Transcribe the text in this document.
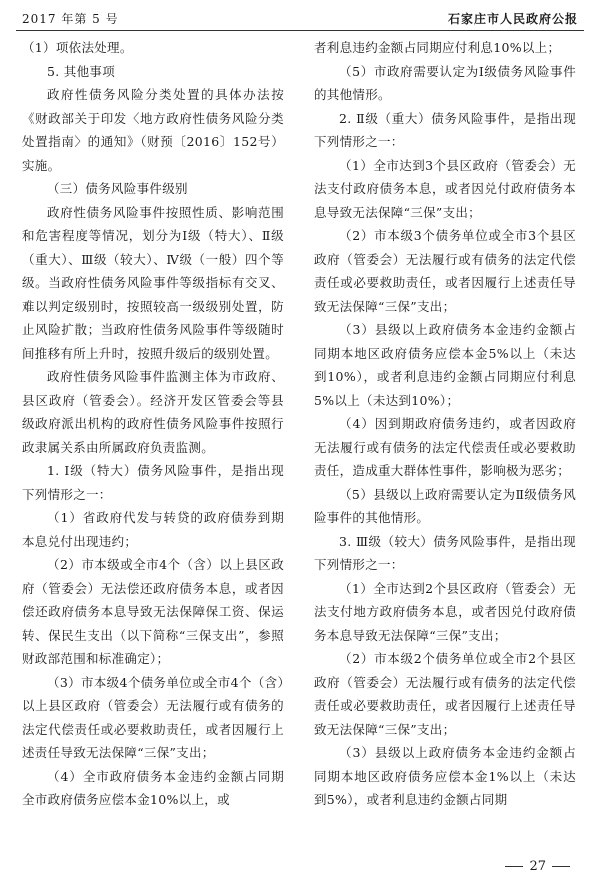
2017 年第 5 号	石家庄市人民政府公报

（1）项依法处理。

5. 其他事项

政府性债务风险分类处置的具体办法按《财政部关于印发〈地方政府性债务风险分类处置指南〉的通知》（财预〔2016〕152号）实施。

（三）债务风险事件级别

政府性债务风险事件按照性质、影响范围和危害程度等情况，划分为Ⅰ级（特大）、Ⅱ级（重大）、Ⅲ级（较大）、Ⅳ级（一般）四个等级。当政府性债务风险事件等级指标有交叉、难以判定级别时，按照较高一级级别处置，防止风险扩散；当政府性债务风险事件等级随时间推移有所上升时，按照升级后的级别处置。

政府性债务风险事件监测主体为市政府、县区政府（管委会）。经济开发区管委会等县级政府派出机构的政府性债务风险事件按照行政隶属关系由所属政府负责监测。

1. Ⅰ级（特大）债务风险事件，是指出现下列情形之一：

（1）省政府代发与转贷的政府债券到期本息兑付出现违约；

（2）市本级或全市4个（含）以上县区政府（管委会）无法偿还政府债务本息，或者因偿还政府债务本息导致无法保障保工资、保运转、保民生支出（以下简称“三保支出”，参照财政部范围和标准确定）；

（3）市本级4个债务单位或全市4个（含）以上县区政府（管委会）无法履行或有债务的法定代偿责任或必要救助责任，或者因履行上述责任导致无法保障“三保”支出；

（4）全市政府债务本金违约金额占同期全市政府债务应偿本金10%以上，或

者利息违约金额占同期应付利息10%以上；

（5）市政府需要认定为Ⅰ级债务风险事件的其他情形。

2. Ⅱ级（重大）债务风险事件，是指出现下列情形之一：

（1）全市达到3个县区政府（管委会）无法支付政府债务本息，或者因兑付政府债务本息导致无法保障“三保”支出；

（2）市本级3个债务单位或全市3个县区政府（管委会）无法履行或有债务的法定代偿责任或必要救助责任，或者因履行上述责任导致无法保障“三保”支出；

（3）县级以上政府债务本金违约金额占同期本地区政府债务应偿本金5%以上（未达到10%），或者利息违约金额占同期应付利息5%以上（未达到10%）；

（4）因到期政府债务违约，或者因政府无法履行或有债务的法定代偿责任或必要救助责任，造成重大群体性事件，影响极为恶劣；

（5）县级以上政府需要认定为Ⅱ级债务风险事件的其他情形。

3. Ⅲ级（较大）债务风险事件，是指出现下列情形之一：

（1）全市达到2个县区政府（管委会）无法支付地方政府债务本息，或者因兑付政府债务本息导致无法保障“三保”支出；

（2）市本级2个债务单位或全市2个县区政府（管委会）无法履行或有债务的法定代偿责任或必要救助责任，或者因履行上述责任导致无法保障“三保”支出；

（3）县级以上政府债务本金违约金额占同期本地区政府债务应偿本金1%以上（未达到5%），或者利息违约金额占同期

27
